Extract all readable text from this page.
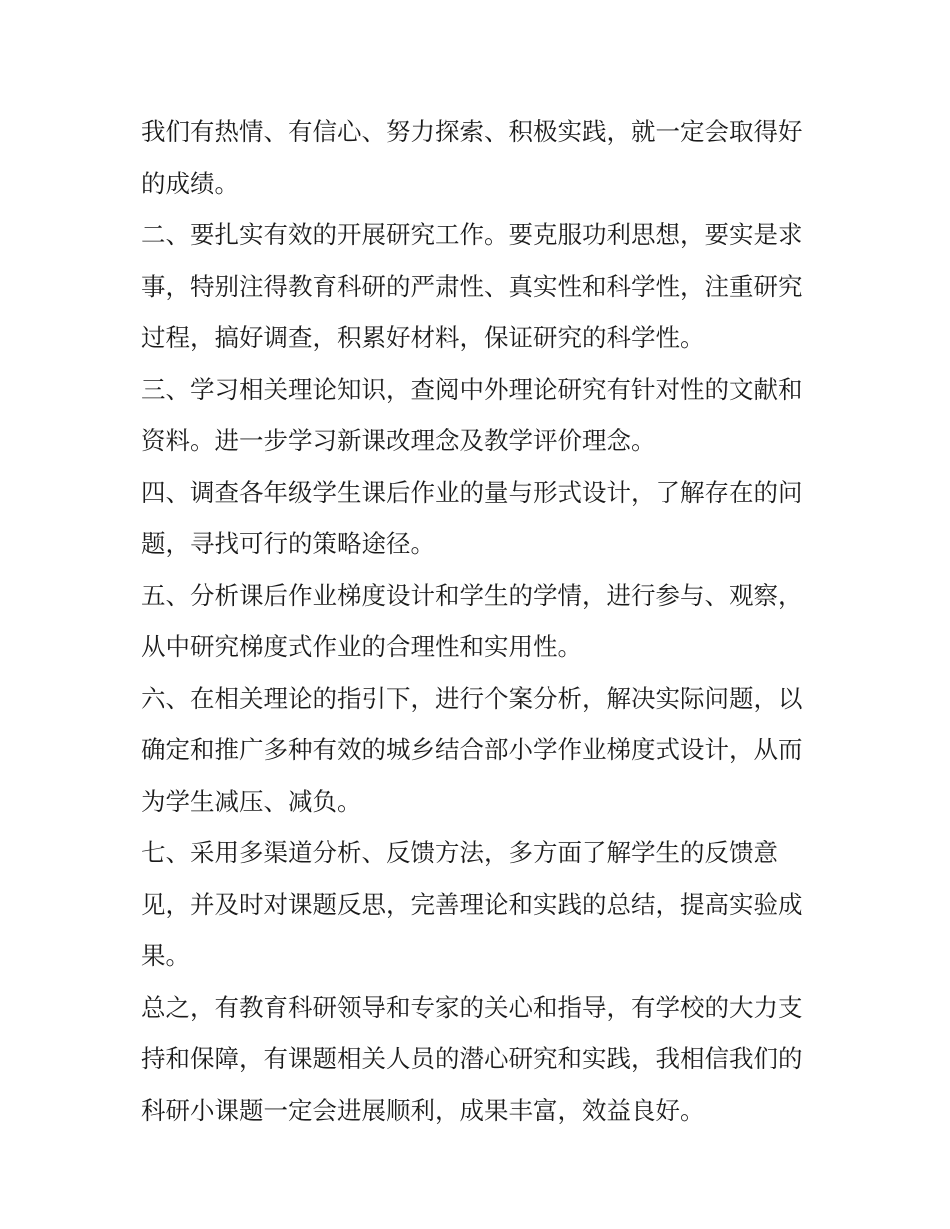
我们有热情、有信心、努力探索、积极实践，就一定会取得好
的成绩。
二、要扎实有效的开展研究工作。要克服功利思想，要实是求
事，特别注得教育科研的严肃性、真实性和科学性，注重研究
过程，搞好调查，积累好材料，保证研究的科学性。
三、学习相关理论知识，查阅中外理论研究有针对性的文献和
资料。进一步学习新课改理念及教学评价理念。
四、调查各年级学生课后作业的量与形式设计，了解存在的问
题，寻找可行的策略途径。
五、分析课后作业梯度设计和学生的学情，进行参与、观察，
从中研究梯度式作业的合理性和实用性。
六、在相关理论的指引下，进行个案分析，解决实际问题，以
确定和推广多种有效的城乡结合部小学作业梯度式设计，从而
为学生减压、减负。
七、采用多渠道分析、反馈方法，多方面了解学生的反馈意
见，并及时对课题反思，完善理论和实践的总结，提高实验成
果。
总之，有教育科研领导和专家的关心和指导，有学校的大力支
持和保障，有课题相关人员的潜心研究和实践，我相信我们的
科研小课题一定会进展顺利，成果丰富，效益良好。
